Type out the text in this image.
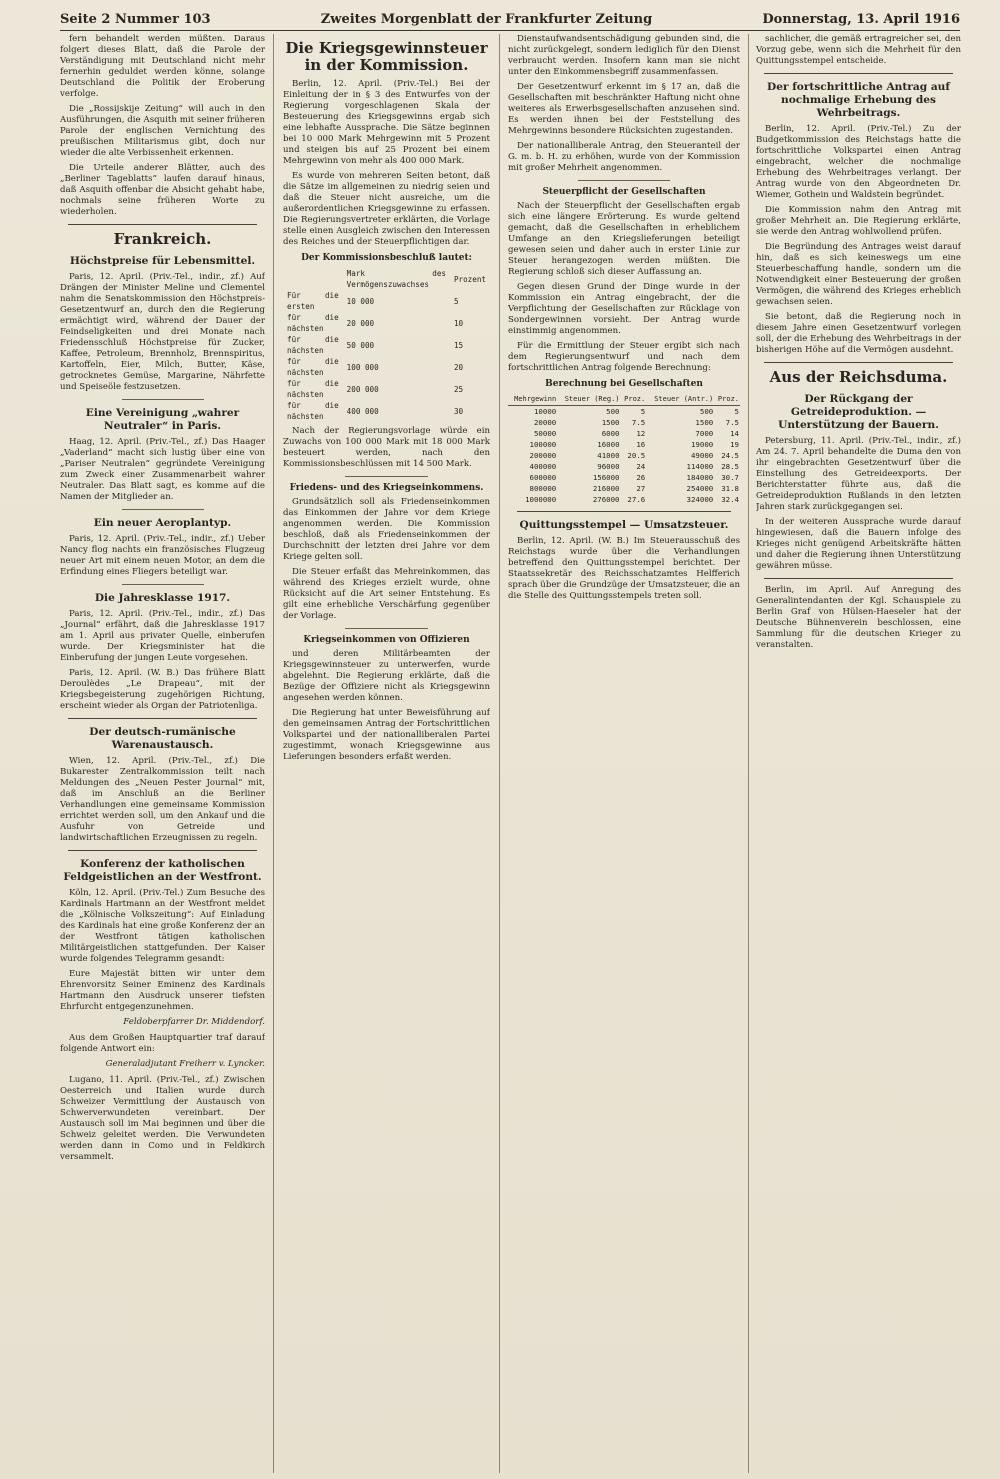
Seite 2 Nummer 103	Zweites Morgenblatt der Frankfurter Zeitung	Donnerstag, 13. April 1916

fern behandelt werden müßten. Daraus folgert dieses Blatt, daß die Parole der Verständigung mit Deutschland nicht mehr fernerhin geduldet werden könne, solange Deutschland die Politik der Eroberung verfolge.

Die „Rossijskije Zeitung“ will auch in den Ausführungen, die Asquith mit seiner früheren Parole der englischen Vernichtung des preußischen Militarismus gibt, doch nur wieder die alte Verbissenheit erkennen.

Die Urteile anderer Blätter, auch des „Berliner Tageblatts“ laufen darauf hinaus, daß Asquith offenbar die Absicht gehabt habe, nochmals seine früheren Worte zu wiederholen.

Frankreich.
Höchstpreise für Lebensmittel.

Paris, 12. April. (Priv.-Tel., indir., zf.) Auf Drängen der Minister Meline und Clementel nahm die Senatskommission den Höchstpreis-Gesetzentwurf an, durch den die Regierung ermächtigt wird, während der Dauer der Feindseligkeiten und drei Monate nach Friedensschluß Höchstpreise für Zucker, Kaffee, Petroleum, Brennholz, Brennspiritus, Kartoffeln, Eier, Milch, Butter, Käse, getrocknetes Gemüse, Margarine, Nährfette und Speiseöle festzusetzen.

Eine Vereinigung „wahrer Neutraler“ in Paris.

Haag, 12. April. (Priv.-Tel., zf.) Das Haager „Vaderland“ macht sich lustig über eine von „Pariser Neutralen“ gegründete Vereinigung zum Zweck einer Zusammenarbeit wahrer Neutraler. Das Blatt sagt, es komme auf die Namen der Mitglieder an.

Ein neuer Aeroplantyp.

Paris, 12. April. (Priv.-Tel., indir., zf.) Ueber Nancy flog nachts ein französisches Flugzeug neuer Art mit einem neuen Motor, an dem die Erfindung eines Fliegers beteiligt war.

Die Jahresklasse 1917.

Paris, 12. April. (Priv.-Tel., indir., zf.) Das „Journal“ erfährt, daß die Jahresklasse 1917 am 1. April aus privater Quelle, einberufen wurde. Der Kriegsminister hat die Einberufung der jungen Leute vorgesehen.

Paris, 12. April. (W. B.) Das frühere Blatt Deroulèdes „Le Drapeau“, mit der Kriegsbegeisterung zugehörigen Richtung, erscheint wieder als Organ der Patriotenliga.

Der deutsch-rumänische Warenaustausch.

Wien, 12. April. (Priv.-Tel., zf.) Die Bukarester Zentralkommission teilt nach Meldungen des „Neuen Pester Journal“ mit, daß im Anschluß an die Berliner Verhandlungen eine gemeinsame Kommission errichtet werden soll, um den Ankauf und die Ausfuhr von Getreide und landwirtschaftlichen Erzeugnissen zu regeln.

Konferenz der katholischen Feldgeistlichen an der Westfront.

Köln, 12. April. (Priv.-Tel.) Zum Besuche des Kardinals Hartmann an der Westfront meldet die „Kölnische Volkszeitung“: Auf Einladung des Kardinals hat eine große Konferenz der an der Westfront tätigen katholischen Militärgeistlichen stattgefunden. Der Kaiser wurde folgendes Telegramm gesandt:

Eure Majestät bitten wir unter dem Ehrenvorsitz Seiner Eminenz des Kardinals Hartmann den Ausdruck unserer tiefsten Ehrfurcht entgegenzunehmen.

Feldoberpfarrer Dr. Middendorf.

Aus dem Großen Hauptquartier traf darauf folgende Antwort ein:

Generaladjutant Freiherr v. Lyncker.

Lugano, 11. April. (Priv.-Tel., zf.) Zwischen Oesterreich und Italien wurde durch Schweizer Vermittlung der Austausch von Schwerverwundeten vereinbart. Der Austausch soll im Mai beginnen und über die Schweiz geleitet werden. Die Verwundeten werden dann in Como und in Feldkirch versammelt.

Die Kriegsgewinnsteuer in der Kommission.

Berlin, 12. April. (Priv.-Tel.) Bei der Einleitung der in § 3 des Entwurfes von der Regierung vorgeschlagenen Skala der Besteuerung des Kriegsgewinns ergab sich eine lebhafte Aussprache. Die Sätze beginnen bei 10 000 Mark Mehrgewinn mit 5 Prozent und steigen bis auf 25 Prozent bei einem Mehrgewinn von mehr als 400 000 Mark.

Es wurde von mehreren Seiten betont, daß die Sätze im allgemeinen zu niedrig seien und daß die Steuer nicht ausreiche, um die außerordentlichen Kriegsgewinne zu erfassen. Die Regierungsvertreter erklärten, die Vorlage stelle einen Ausgleich zwischen den Interessen des Reiches und der Steuerpflichtigen dar.

Der Kommissionsbeschluß lautet:
	Mark des Vermögenszuwachses	Prozent
Für die ersten	10 000	5
für die nächsten	20 000	10
für die nächsten	50 000	15
für die nächsten	100 000	20
für die nächsten	200 000	25
für die nächsten	400 000	30

Nach der Regierungsvorlage würde ein Zuwachs von 100 000 Mark mit 18 000 Mark besteuert werden, nach den Kommissionsbeschlüssen mit 14 500 Mark.

Friedens- und des Kriegseinkommens.

Grundsätzlich soll als Friedenseinkommen das Einkommen der Jahre vor dem Kriege angenommen werden. Die Kommission beschloß, daß als Friedenseinkommen der Durchschnitt der letzten drei Jahre vor dem Kriege gelten soll.

Die Steuer erfaßt das Mehreinkommen, das während des Krieges erzielt wurde, ohne Rücksicht auf die Art seiner Entstehung. Es gilt eine erhebliche Verschärfung gegenüber der Vorlage.

Kriegseinkommen von Offizieren

und deren Militärbeamten der Kriegsgewinnsteuer zu unterwerfen, wurde abgelehnt. Die Regierung erklärte, daß die Bezüge der Offiziere nicht als Kriegsgewinn angesehen werden können.

Die Regierung hat unter Beweisführung auf den gemeinsamen Antrag der Fortschrittlichen Volkspartei und der nationalliberalen Partei zugestimmt, wonach Kriegsgewinne aus Lieferungen besonders erfaßt werden.

Dienstaufwandsentschädigung gebunden sind, die nicht zurückgelegt, sondern lediglich für den Dienst verbraucht werden. Insofern kann man sie nicht unter den Einkommensbegriff zusammenfassen.

Der Gesetzentwurf erkennt im § 17 an, daß die Gesellschaften mit beschränkter Haftung nicht ohne weiteres als Erwerbsgesellschaften anzusehen sind. Es werden ihnen bei der Feststellung des Mehrgewinns besondere Rücksichten zugestanden.

Der nationalliberale Antrag, den Steueranteil der G. m. b. H. zu erhöhen, wurde von der Kommission mit großer Mehrheit angenommen.

Steuerpflicht der Gesellschaften

Nach der Steuerpflicht der Gesellschaften ergab sich eine längere Erörterung. Es wurde geltend gemacht, daß die Gesellschaften in erheblichem Umfange an den Kriegslieferungen beteiligt gewesen seien und daher auch in erster Linie zur Steuer herangezogen werden müßten. Die Regierung schloß sich dieser Auffassung an.

Gegen diesen Grund der Dinge wurde in der Kommission ein Antrag eingebracht, der die Verpflichtung der Gesellschaften zur Rücklage von Sondergewinnen vorsieht. Der Antrag wurde einstimmig angenommen.

Für die Ermittlung der Steuer ergibt sich nach dem Regierungsentwurf und nach dem fortschrittlichen Antrag folgende Berechnung:

Berechnung bei Gesellschaften
Mehrgewinn	Steuer (Reg.)	Proz.	Steuer (Antr.)	Proz.
10000	500	5	500	5
20000	1500	7.5	1500	7.5
50000	6000	12	7000	14
100000	16000	16	19000	19
200000	41000	20.5	49000	24.5
400000	96000	24	114000	28.5
600000	156000	26	184000	30.7
800000	216000	27	254000	31.8
1000000	276000	27.6	324000	32.4
Quittungsstempel — Umsatzsteuer.

Berlin, 12. April. (W. B.) Im Steuerausschuß des Reichstags wurde über die Verhandlungen betreffend den Quittungsstempel berichtet. Der Staatssekretär des Reichsschatzamtes Helfferich sprach über die Grundzüge der Umsatzsteuer, die an die Stelle des Quittungsstempels treten soll.

sachlicher, die gemäß ertragreicher sei, den Vorzug gebe, wenn sich die Mehrheit für den Quittungsstempel entscheide.

Der fortschrittliche Antrag auf nochmalige Erhebung des Wehrbeitrags.

Berlin, 12. April. (Priv.-Tel.) Zu der Budgetkommission des Reichstags hatte die fortschrittliche Volkspartei einen Antrag eingebracht, welcher die nochmalige Erhebung des Wehrbeitrages verlangt. Der Antrag wurde von den Abgeordneten Dr. Wiemer, Gothein und Waldstein begründet.

Die Kommission nahm den Antrag mit großer Mehrheit an. Die Regierung erklärte, sie werde den Antrag wohlwollend prüfen.

Die Begründung des Antrages weist darauf hin, daß es sich keineswegs um eine Steuerbeschaffung handle, sondern um die Notwendigkeit einer Besteuerung der großen Vermögen, die während des Krieges erheblich gewachsen seien.

Sie betont, daß die Regierung noch in diesem Jahre einen Gesetzentwurf vorlegen soll, der die Erhebung des Wehrbeitrags in der bisherigen Höhe auf die Vermögen ausdehnt.

Aus der Reichsduma.
Der Rückgang der Getreideproduktion. — Unterstützung der Bauern.

Petersburg, 11. April. (Priv.-Tel., indir., zf.) Am 24. 7. April behandelte die Duma den von ihr eingebrachten Gesetzentwurf über die Einstellung des Getreideexports. Der Berichterstatter führte aus, daß die Getreideproduktion Rußlands in den letzten Jahren stark zurückgegangen sei.

In der weiteren Aussprache wurde darauf hingewiesen, daß die Bauern infolge des Krieges nicht genügend Arbeitskräfte hätten und daher die Regierung ihnen Unterstützung gewähren müsse.

Berlin, im April. Auf Anregung des Generalintendanten der Kgl. Schauspiele zu Berlin Graf von Hülsen-Haeseler hat der Deutsche Bühnenverein beschlossen, eine Sammlung für die deutschen Krieger zu veranstalten.
